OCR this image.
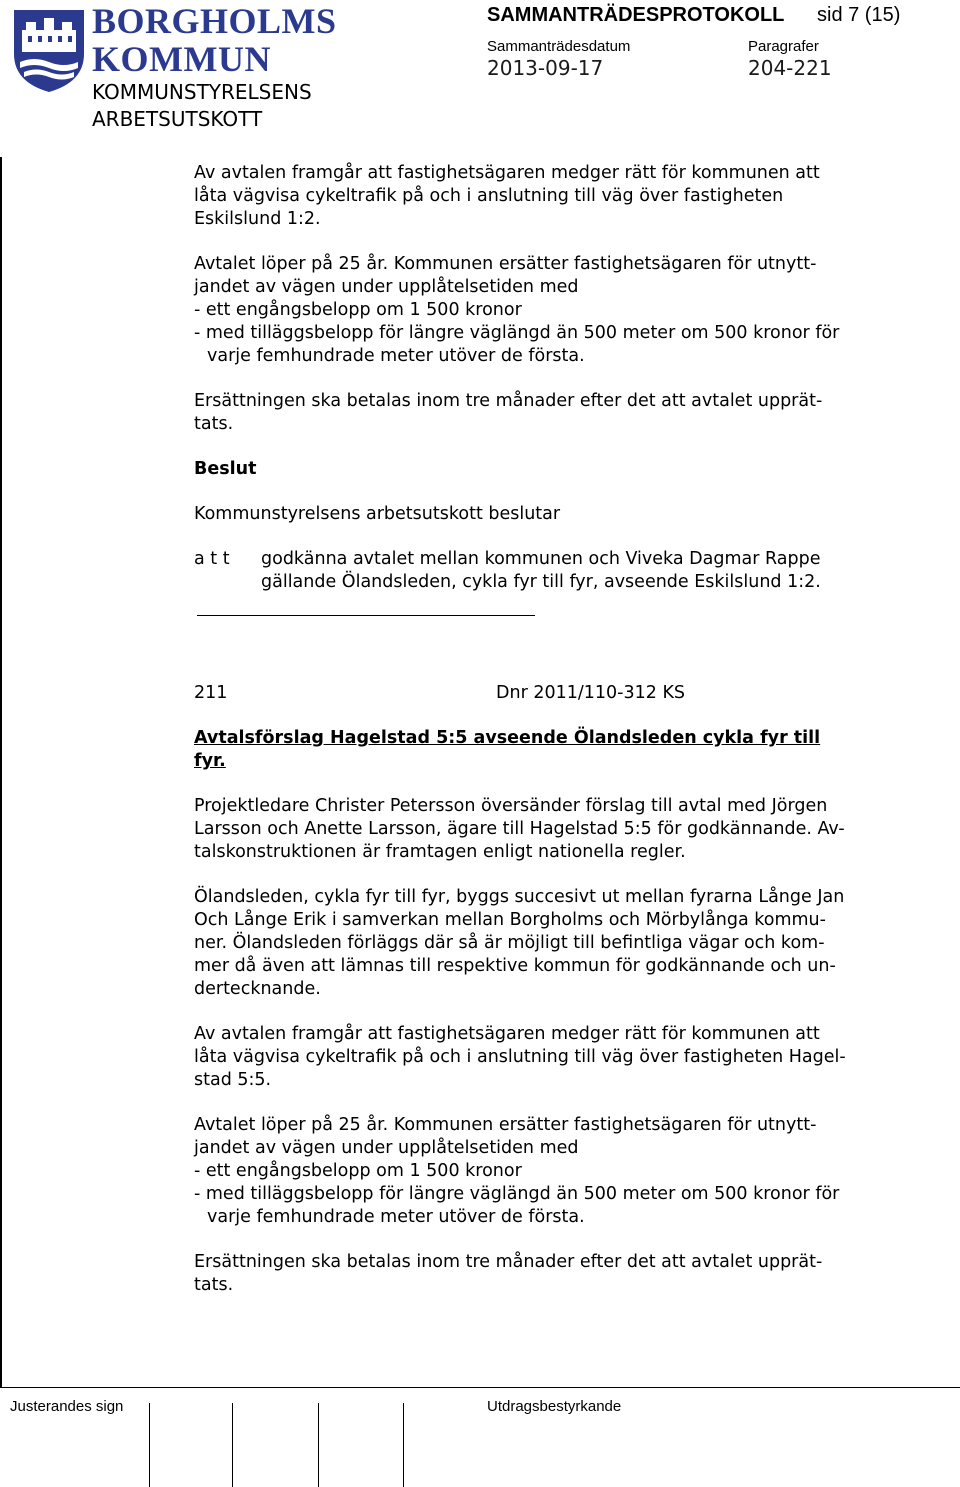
BORGHOLMS
KOMMUN
KOMMUNSTYRELSENS
ARBETSUTSKOTT
SAMMANTRÄDESPROTOKOLL sid 7 (15)
Sammanträdesdatum	Paragrafer
2013-09-17	204-221
Av avtalen framgår att fastighetsägaren medger rätt för kommunen att
låta vägvisa cykeltrafik på och i anslutning till väg över fastigheten
Eskilslund 1:2.
Avtalet löper på 25 år. Kommunen ersätter fastighetsägaren för utnytt-
jandet av vägen under upplåtelsetiden med
- ett engångsbelopp om 1 500 kronor
- med tilläggsbelopp för längre väglängd än 500 meter om 500 kronor för
varje femhundrade meter utöver de första.
Ersättningen ska betalas inom tre månader efter det att avtalet upprät-
tats.
Beslut
Kommunstyrelsens arbetsutskott beslutar
a t t	godkänna avtalet mellan kommunen och Viveka Dagmar Rappe
gällande Ölandsleden, cykla fyr till fyr, avseende Eskilslund 1:2.
211	Dnr 2011/110-312 KS
Avtalsförslag Hagelstad 5:5 avseende Ölandsleden cykla fyr till
fyr.
Projektledare Christer Petersson översänder förslag till avtal med Jörgen
Larsson och Anette Larsson, ägare till Hagelstad 5:5 för godkännande. Av-
talskonstruktionen är framtagen enligt nationella regler.
Ölandsleden, cykla fyr till fyr, byggs succesivt ut mellan fyrarna Långe Jan
Och Långe Erik i samverkan mellan Borgholms och Mörbylånga kommu-
ner. Ölandsleden förläggs där så är möjligt till befintliga vägar och kom-
mer då även att lämnas till respektive kommun för godkännande och un-
dertecknande.
Av avtalen framgår att fastighetsägaren medger rätt för kommunen att
låta vägvisa cykeltrafik på och i anslutning till väg över fastigheten Hagel-
stad 5:5.
Avtalet löper på 25 år. Kommunen ersätter fastighetsägaren för utnytt-
jandet av vägen under upplåtelsetiden med
- ett engångsbelopp om 1 500 kronor
- med tilläggsbelopp för längre väglängd än 500 meter om 500 kronor för
varje femhundrade meter utöver de första.
Ersättningen ska betalas inom tre månader efter det att avtalet upprät-
tats.
Justerandes sign	Utdragsbestyrkande
